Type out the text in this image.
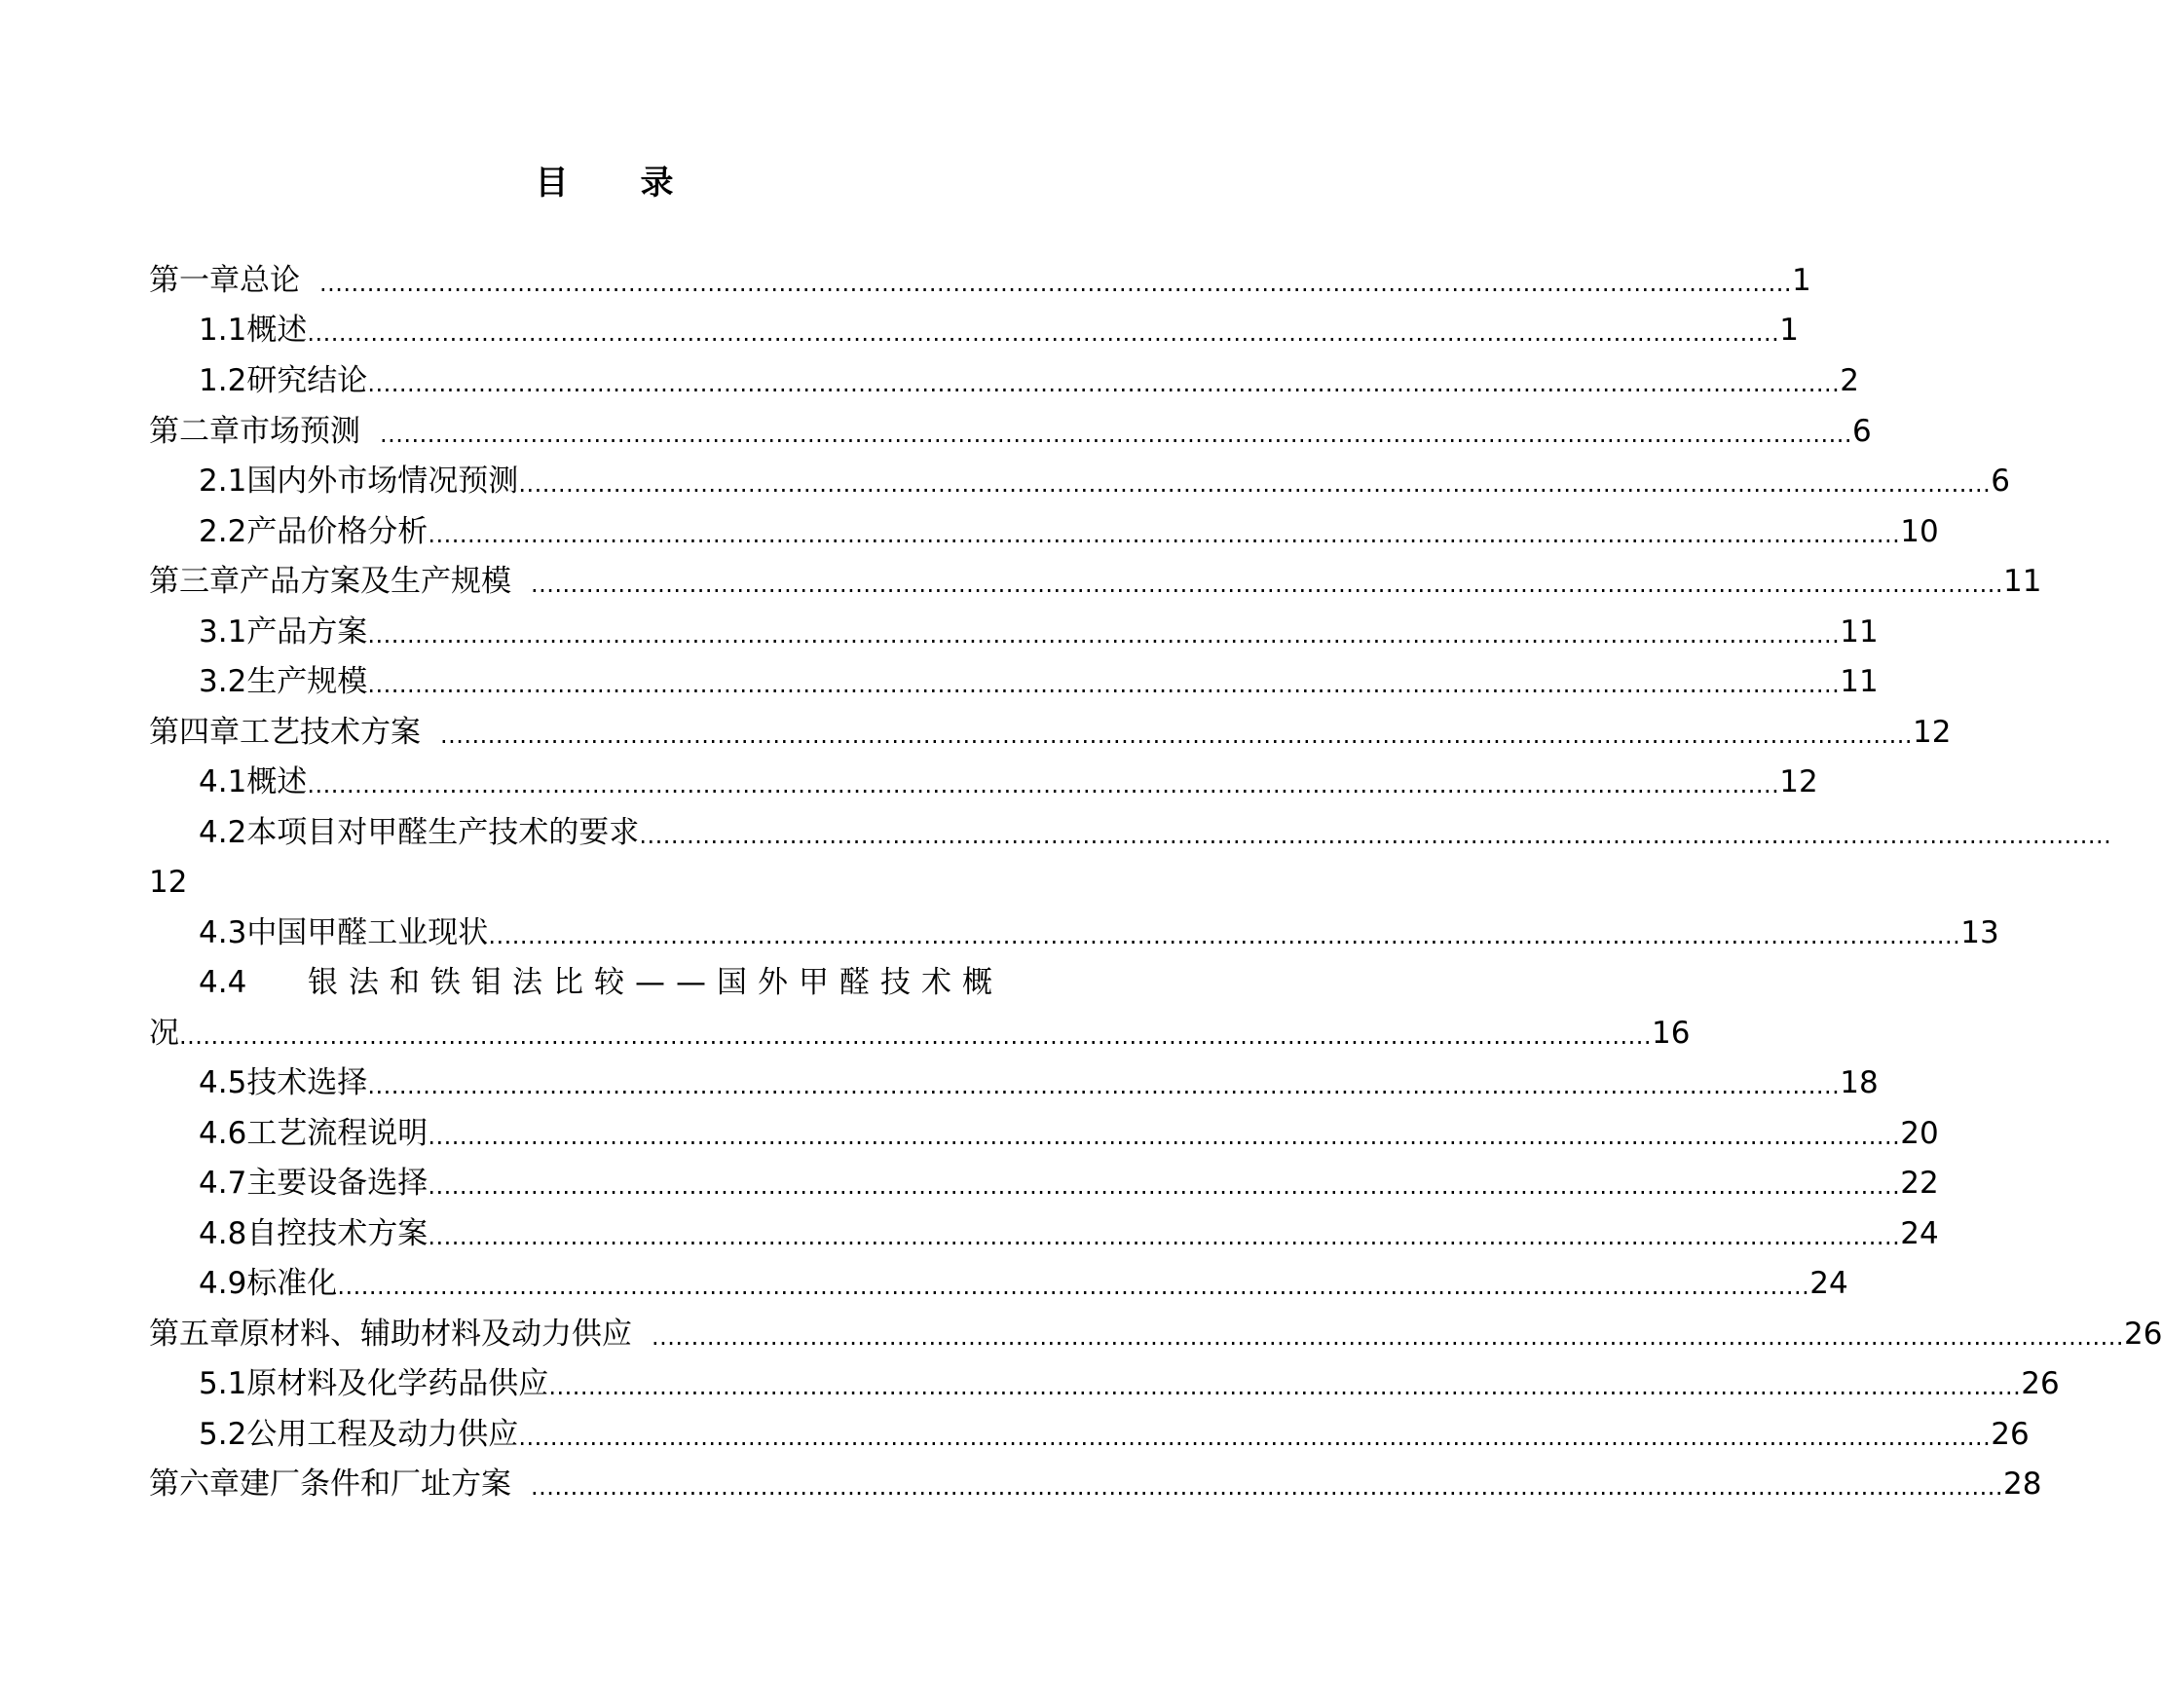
目 录
第一章 总论 .......................................................................................................................................................................................... 1
1.1 概述 .......................................................................................................................................................................................... 1
1.2 研究结论 .......................................................................................................................................................................................... 2
第二章 市场预测 .......................................................................................................................................................................................... 6
2.1 国内外市场情况预测 .......................................................................................................................................................................................... 6
2.2 产品价格分析 .......................................................................................................................................................................................... 10
第三章 产品方案及生产规模 .......................................................................................................................................................................................... 11
3.1 产品方案 .......................................................................................................................................................................................... 11
3.2 生产规模 .......................................................................................................................................................................................... 11
第四章 工艺技术方案 .......................................................................................................................................................................................... 12
4.1 概述 .......................................................................................................................................................................................... 12
4.2 本项目对甲醛生产技术的要求 ..........................................................................................................................................................................................
12
4.3 中国甲醛工业现状 .......................................................................................................................................................................................... 13
4.4	银法和铁钼法比较——国外甲醛技术概
况 .......................................................................................................................................................................................... 16
4.5 技术选择 .......................................................................................................................................................................................... 18
4.6 工艺流程说明 .......................................................................................................................................................................................... 20
4.7 主要设备选择 .......................................................................................................................................................................................... 22
4.8 自控技术方案 .......................................................................................................................................................................................... 24
4.9 标准化 .......................................................................................................................................................................................... 24
第五章 原材料、辅助材料及动力供应 .......................................................................................................................................................................................... 26
5.1 原材料及化学药品供应 .......................................................................................................................................................................................... 26
5.2 公用工程及动力供应 .......................................................................................................................................................................................... 26
第六章 建厂条件和厂址方案 .......................................................................................................................................................................................... 28
